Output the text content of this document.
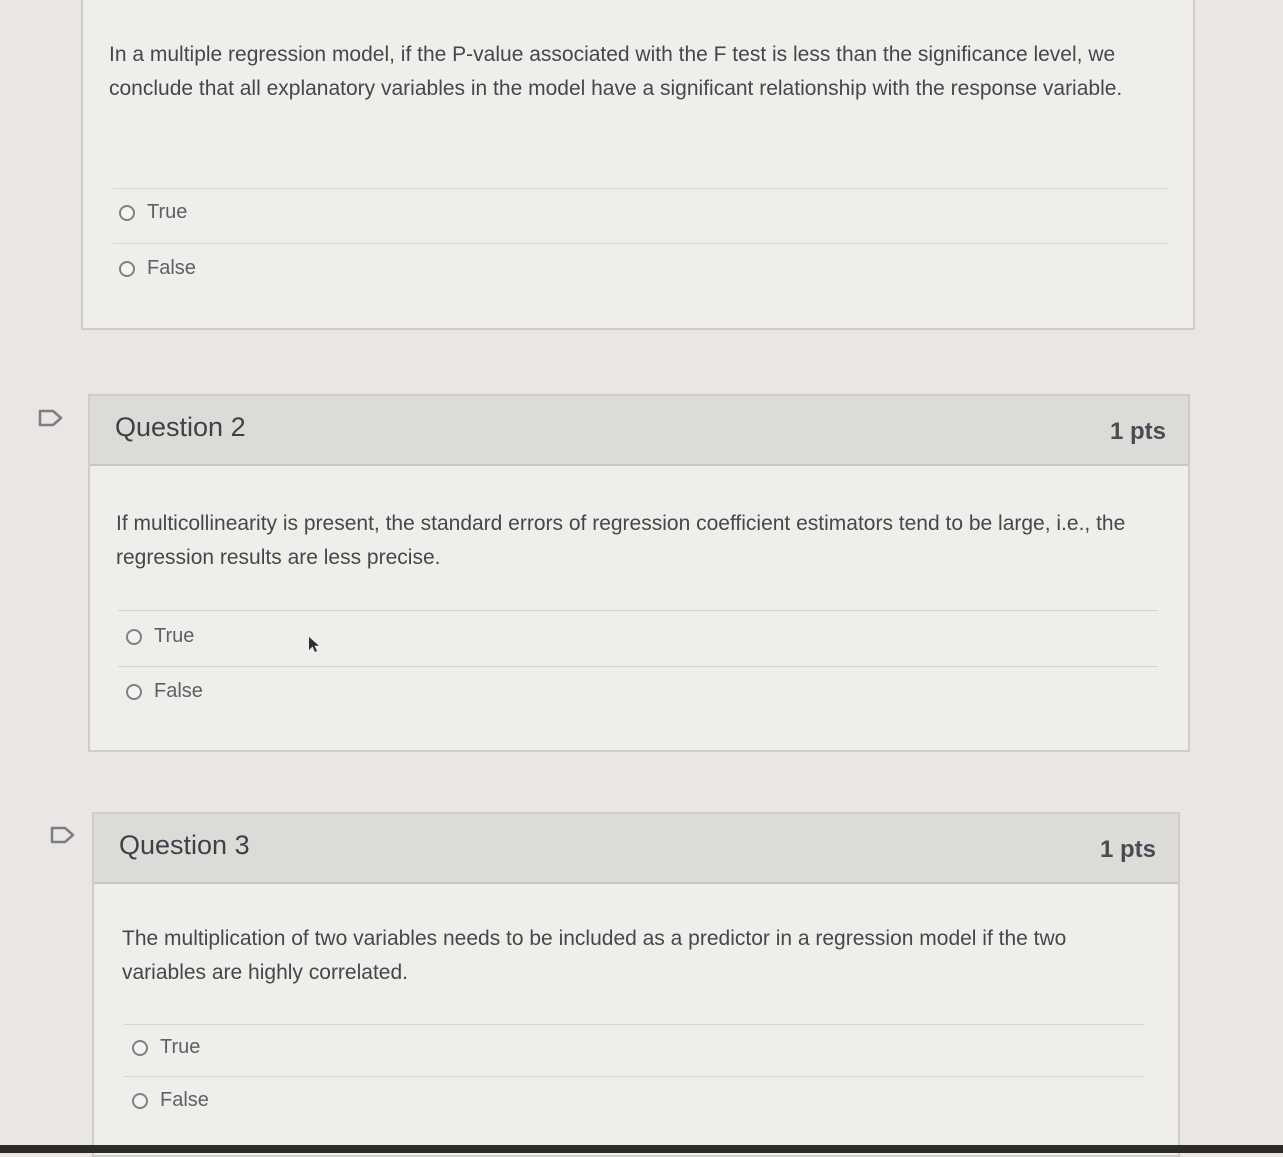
In a multiple regression model, if the P-value associated with the F test is less than the significance level, we conclude that all explanatory variables in the model have a significant relationship with the response variable.
True
False
Question 2	1 pts
If multicollinearity is present, the standard errors of regression coefficient estimators tend to be large, i.e., the regression results are less precise.
True
False
Question 3	1 pts
The multiplication of two variables needs to be included as a predictor in a regression model if the two variables are highly correlated.
True
False
